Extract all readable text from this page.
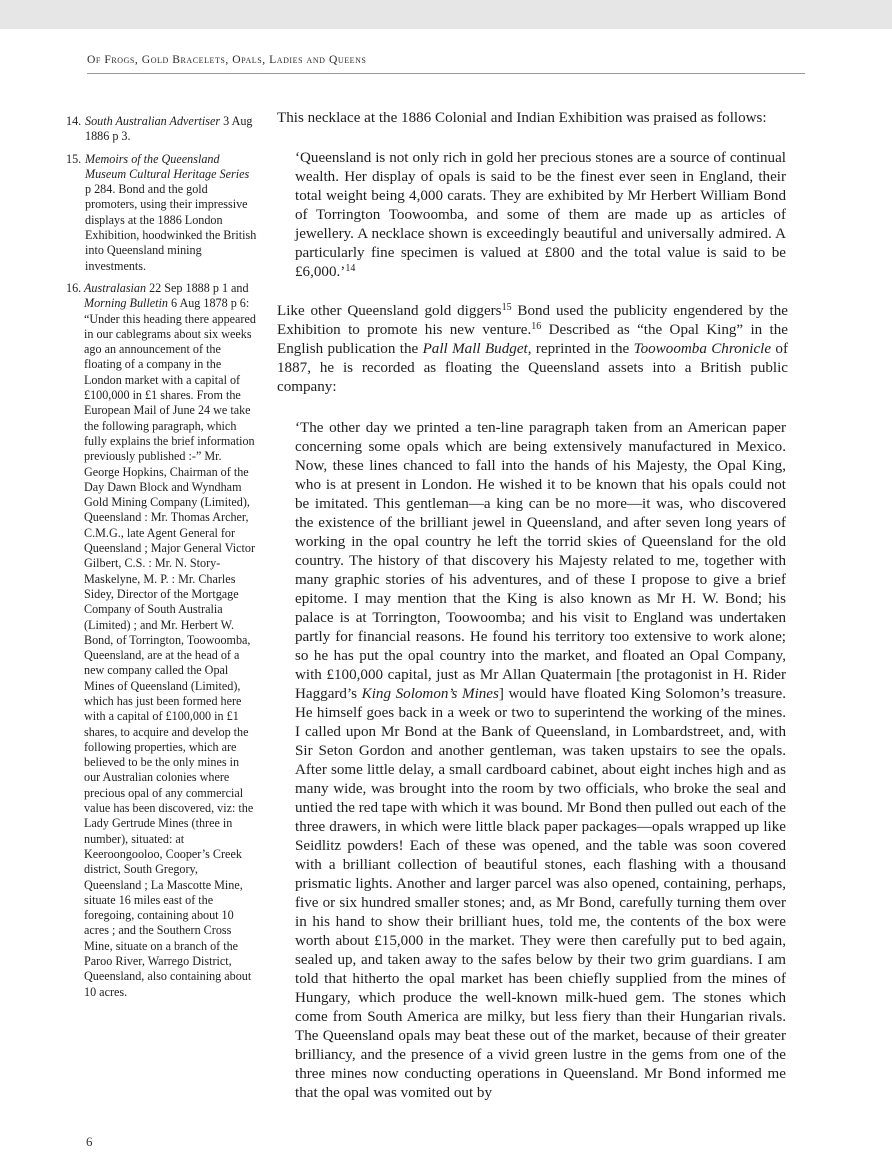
Of Frogs, Gold Bracelets, Opals, Ladies and Queens
14. South Australian Advertiser 3 Aug 1886 p 3.
15. Memoirs of the Queensland Museum Cultural Heritage Series p 284. Bond and the gold promoters, using their impressive displays at the 1886 London Exhibition, hoodwinked the British into Queensland mining investments.
16. Australasian 22 Sep 1888 p 1 and Morning Bulletin 6 Aug 1878 p 6: “Under this heading there appeared in our cablegrams about six weeks ago an announcement of the floating of a company in the London market with a capital of £100,000 in £1 shares. From the European Mail of June 24 we take the following paragraph, which fully explains the brief information previously published :-” Mr. George Hopkins, Chairman of the Day Dawn Block and Wyndham Gold Mining Company (Limited), Queensland : Mr. Thomas Archer, C.M.G., late Agent General for Queensland ; Major General Victor Gilbert, C.S. : Mr. N. Story-Maskelyne, M. P. : Mr. Charles Sidey, Director of the Mortgage Company of South Australia (Limited) ; and Mr. Herbert W. Bond, of Torrington, Toowoomba, Queensland, are at the head of a new company called the Opal Mines of Queensland (Limited), which has just been formed here with a capital of £100,000 in £1 shares, to acquire and develop the following properties, which are believed to be the only mines in our Australian colonies where precious opal of any commercial value has been discovered, viz: the Lady Gertrude Mines (three in number), situated: at Keeroongooloo, Cooper’s Creek district, South Gregory, Queensland ; La Mascotte Mine, situate 16 miles east of the foregoing, containing about 10 acres ; and the Southern Cross Mine, situate on a branch of the Paroo River, Warrego District, Queensland, also containing about 10 acres.

This necklace at the 1886 Colonial and Indian Exhibition was praised as follows:

‘Queensland is not only rich in gold her precious stones are a source of continual wealth. Her display of opals is said to be the finest ever seen in England, their total weight being 4,000 carats. They are exhibited by Mr Herbert William Bond of Torrington Toowoomba, and some of them are made up as articles of jewellery. A necklace shown is exceedingly beautiful and universally admired. A particularly fine specimen is valued at £800 and the total value is said to be £6,000.’$^{14}$

Like other Queensland gold diggers$^{15}$ Bond used the publicity engendered by the Exhibition to promote his new venture.$^{16}$ Described as “the Opal King” in the English publication the Pall Mall Budget, reprinted in the Toowoomba Chronicle of 1887, he is recorded as floating the Queensland assets into a British public company:

‘The other day we printed a ten-line paragraph taken from an American paper concerning some opals which are being extensively manufactured in Mexico. Now, these lines chanced to fall into the hands of his Majesty, the Opal King, who is at present in London. He wished it to be known that his opals could not be imitated. This gentleman—a king can be no more—it was, who discovered the existence of the brilliant jewel in Queensland, and after seven long years of working in the opal country he left the torrid skies of Queensland for the old country. The history of that discovery his Majesty related to me, together with many graphic stories of his adventures, and of these I propose to give a brief epitome. I may mention that the King is also known as Mr H. W. Bond; his palace is at Torrington, Toowoomba; and his visit to England was undertaken partly for financial reasons. He found his territory too extensive to work alone; so he has put the opal country into the market, and floated an Opal Company, with £100,000 capital, just as Mr Allan Quatermain [the protagonist in H. Rider Haggard’s King Solomon’s Mines] would have floated King Solomon’s treasure. He himself goes back in a week or two to superintend the working of the mines. I called upon Mr Bond at the Bank of Queensland, in Lombardstreet, and, with Sir Seton Gordon and another gentleman, was taken upstairs to see the opals. After some little delay, a small cardboard cabinet, about eight inches high and as many wide, was brought into the room by two officials, who broke the seal and untied the red tape with which it was bound. Mr Bond then pulled out each of the three drawers, in which were little black paper packages—opals wrapped up like Seidlitz powders! Each of these was opened, and the table was soon covered with a brilliant collection of beautiful stones, each flashing with a thousand prismatic lights. Another and larger parcel was also opened, containing, perhaps, five or six hundred smaller stones; and, as Mr Bond, carefully turning them over in his hand to show their brilliant hues, told me, the contents of the box were worth about £15,000 in the market. They were then carefully put to bed again, sealed up, and taken away to the safes below by their two grim guardians. I am told that hitherto the opal market has been chiefly supplied from the mines of Hungary, which produce the well-known milk-hued gem. The stones which come from South America are milky, but less fiery than their Hungarian rivals. The Queensland opals may beat these out of the market, because of their greater brilliancy, and the presence of a vivid green lustre in the gems from one of the three mines now conducting operations in Queensland. Mr Bond informed me that the opal was vomited out by

6
